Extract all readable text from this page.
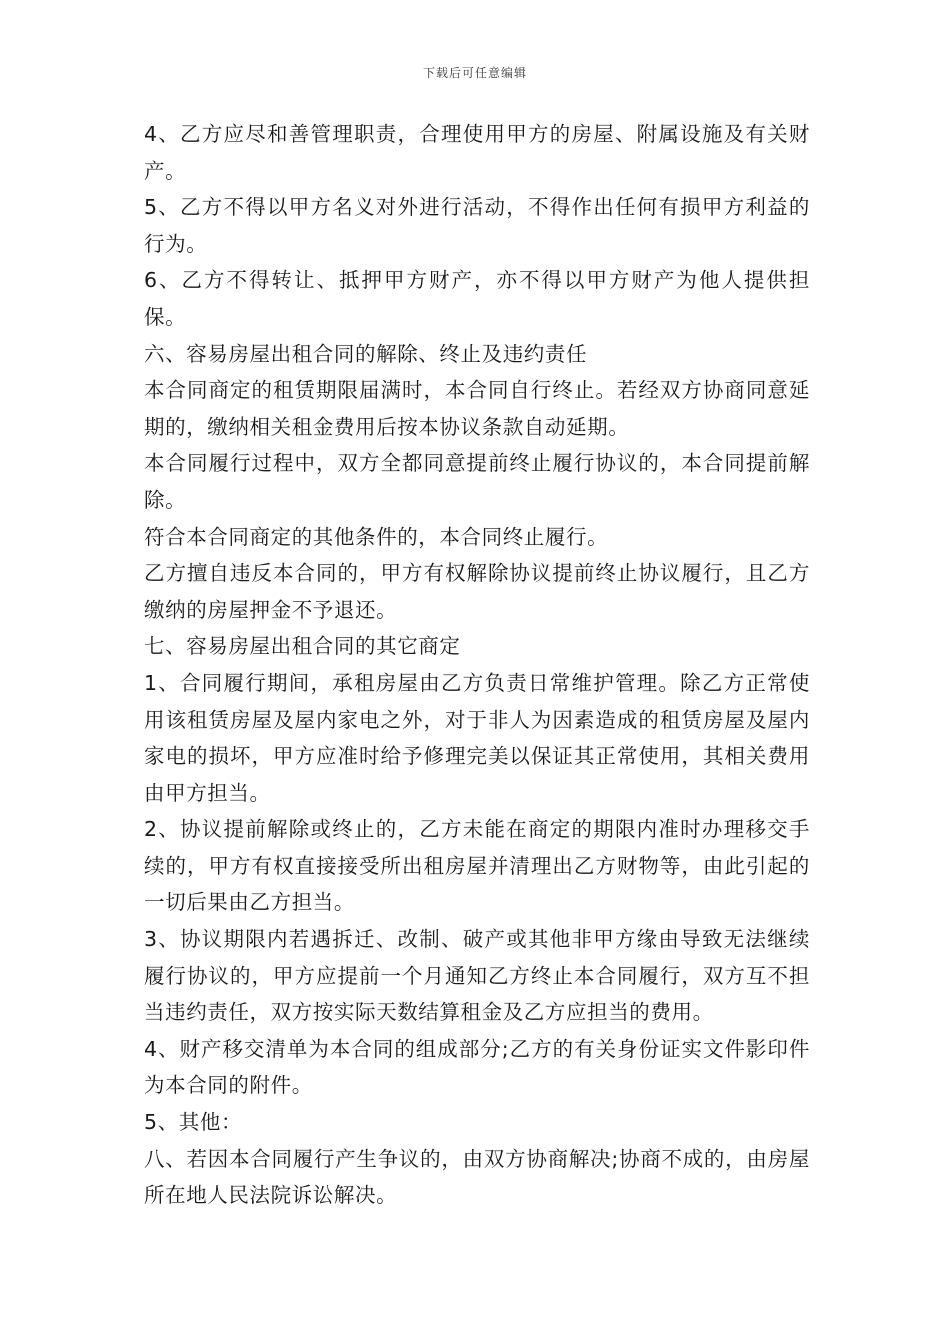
下载后可任意编辑

4、乙方应尽和善管理职责，合理使用甲方的房屋、附属设施及有关财产。

5、乙方不得以甲方名义对外进行活动，不得作出任何有损甲方利益的行为。

6、乙方不得转让、抵押甲方财产，亦不得以甲方财产为他人提供担保。

六、容易房屋出租合同的解除、终止及违约责任

本合同商定的租赁期限届满时，本合同自行终止。若经双方协商同意延期的，缴纳相关租金费用后按本协议条款自动延期。

本合同履行过程中，双方全都同意提前终止履行协议的，本合同提前解除。

符合本合同商定的其他条件的，本合同终止履行。

乙方擅自违反本合同的，甲方有权解除协议提前终止协议履行，且乙方缴纳的房屋押金不予退还。

七、容易房屋出租合同的其它商定

1、合同履行期间，承租房屋由乙方负责日常维护管理。除乙方正常使用该租赁房屋及屋内家电之外，对于非人为因素造成的租赁房屋及屋内家电的损坏，甲方应准时给予修理完美以保证其正常使用，其相关费用由甲方担当。

2、协议提前解除或终止的，乙方未能在商定的期限内准时办理移交手续的，甲方有权直接接受所出租房屋并清理出乙方财物等，由此引起的一切后果由乙方担当。

3、协议期限内若遇拆迁、改制、破产或其他非甲方缘由导致无法继续履行协议的，甲方应提前一个月通知乙方终止本合同履行，双方互不担当违约责任，双方按实际天数结算租金及乙方应担当的费用。

4、财产移交清单为本合同的组成部分;乙方的有关身份证实文件影印件为本合同的附件。

5、其他：

八、若因本合同履行产生争议的，由双方协商解决;协商不成的，由房屋所在地人民法院诉讼解决。
